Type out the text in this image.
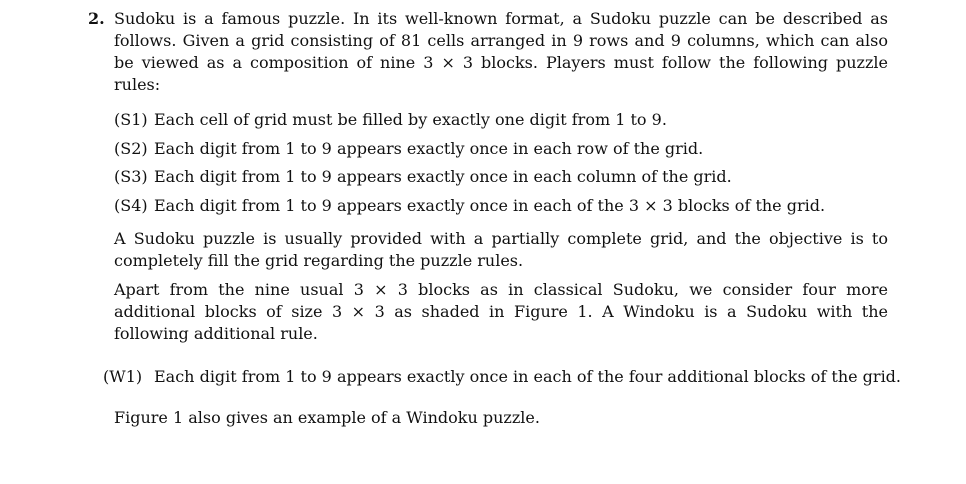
2. Sudoku is a famous puzzle. In its well-known format, a Sudoku puzzle can be described as follows. Given a grid consisting of 81 cells arranged in 9 rows and 9 columns, which can also be viewed as a composition of nine 3 × 3 blocks. Players must follow the following puzzle rules:

(S1) Each cell of grid must be filled by exactly one digit from 1 to 9.
(S2) Each digit from 1 to 9 appears exactly once in each row of the grid.
(S3) Each digit from 1 to 9 appears exactly once in each column of the grid.
(S4) Each digit from 1 to 9 appears exactly once in each of the 3 × 3 blocks of the grid.

A Sudoku puzzle is usually provided with a partially complete grid, and the objective is to completely fill the grid regarding the puzzle rules.

Apart from the nine usual 3 × 3 blocks as in classical Sudoku, we consider four more additional blocks of size 3 × 3 as shaded in Figure 1. A Windoku is a Sudoku with the following additional rule.

(W1) Each digit from 1 to 9 appears exactly once in each of the four additional blocks of the grid.

Figure 1 also gives an example of a Windoku puzzle.
